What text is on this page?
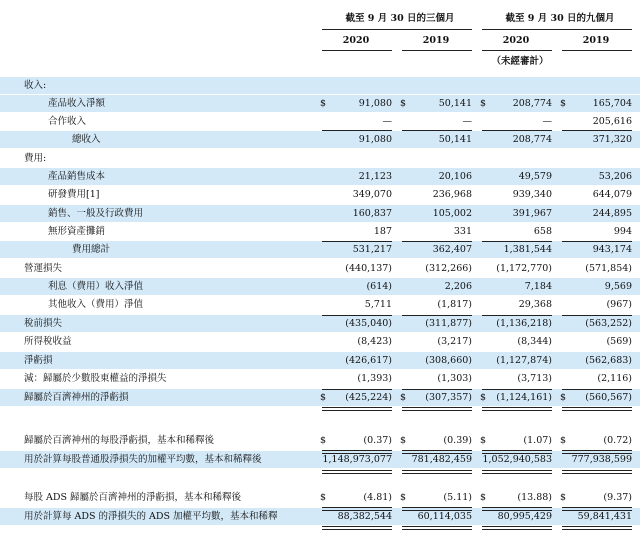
截至 9 月 30 日的三個月	截至 9 月 30 日的九個月
2020	2019	2020	2019
（未經審計）
收入:
產品收入淨額	$	91,080 $	50,141 $	208,774 $	165,704
合作收入	—	—	—	205,616
總收入	91,080	50,141	208,774	371,320
費用:
產品銷售成本	21,123	20,106	49,579	53,206
研發費用[1]	349,070	236,968	939,340	644,079
銷售、一般及行政費用	160,837	105,002	391,967	244,895
無形資產攤銷	187	331	658	994
費用總計	531,217	362,407	1,381,544	943,174
營運損失	(440,137)	(312,266)	(1,172,770)	(571,854)
利息（費用）收入淨值	(614)	2,206	7,184	9,569
其他收入（費用）淨值	5,711	(1,817)	29,368	(967)
稅前損失	(435,040)	(311,877)	(1,136,218)	(563,252)
所得稅收益	(8,423)	(3,217)	(8,344)	(569)
淨虧損	(426,617)	(308,660)	(1,127,874)	(562,683)
減：歸屬於少數股東權益的淨損失	(1,393)	(1,303)	(3,713)	(2,116)
歸屬於百濟神州的淨虧損	$	(425,224) $	(307,357) $	(1,124,161) $	(560,567)
歸屬於百濟神州的每股淨虧損，基本和稀釋後	$	(0.37) $	(0.39) $	(1.07) $	(0.72)
用於計算每股普通股淨損失的加權平均數，基本和稀釋後	1,148,973,077	781,482,459 1,052,940,583	777,938,599
每股 ADS 歸屬於百濟神州的淨虧損，基本和稀釋後	$	(4.81) $	(5.11) $	(13.88) $	(9.37)
用於計算每 ADS 的淨損失的 ADS 加權平均數，基本和稀釋	88,382,544	60,114,035	80,995,429	59,841,431
